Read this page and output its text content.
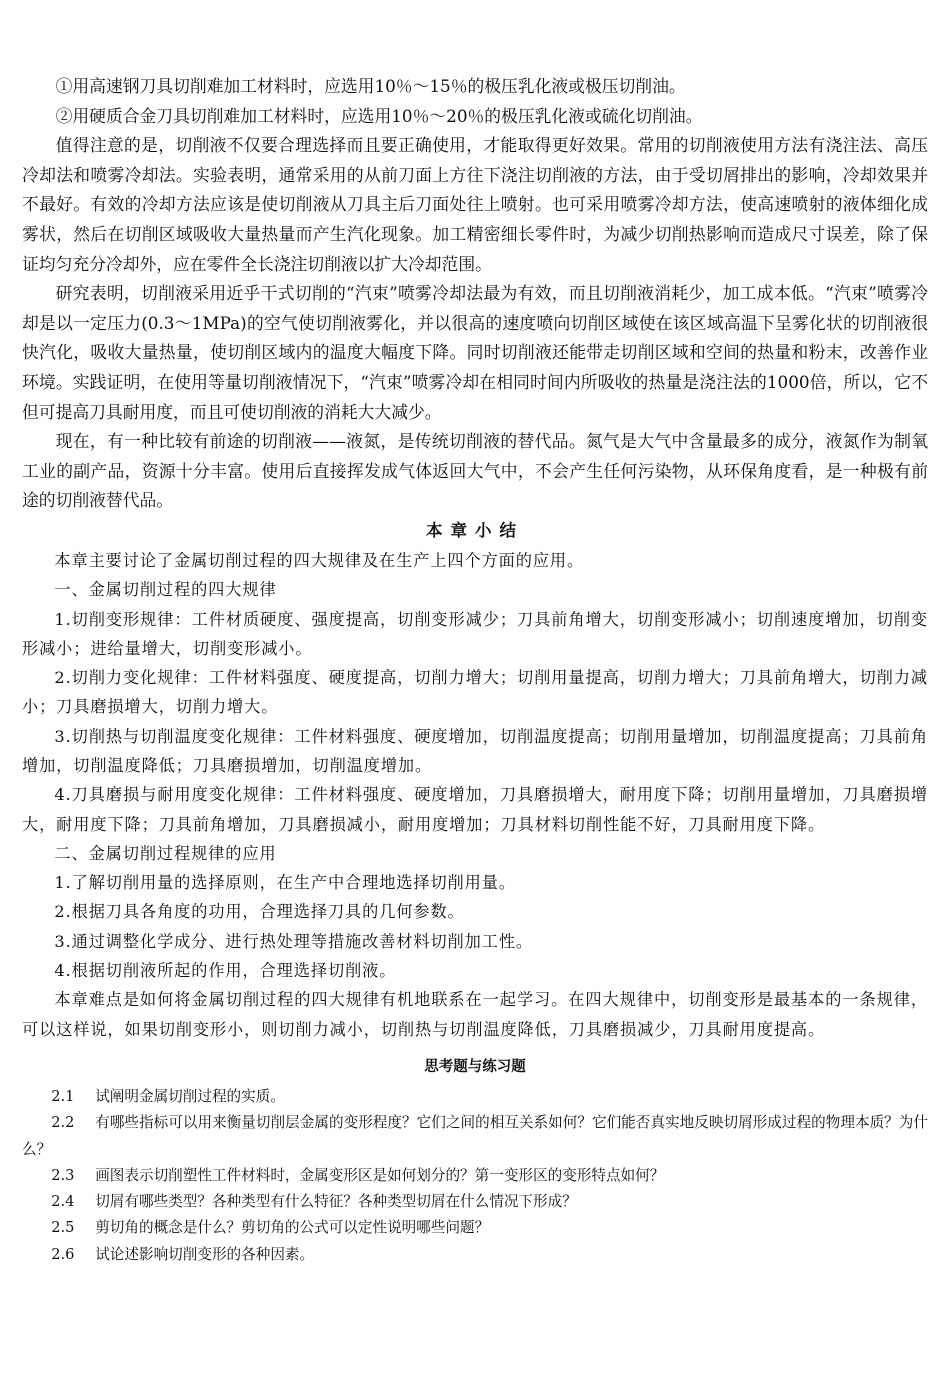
①用高速钢刀具切削难加工材料时，应选用10％～15％的极压乳化液或极压切削油。

②用硬质合金刀具切削难加工材料时，应选用10％～20％的极压乳化液或硫化切削油。

值得注意的是，切削液不仅要合理选择而且要正确使用，才能取得更好效果。常用的切削液使用方法有浇注法、高压冷却法和喷雾冷却法。实验表明，通常采用的从前刀面上方往下浇注切削液的方法，由于受切屑排出的影响，冷却效果并不最好。有效的冷却方法应该是使切削液从刀具主后刀面处往上喷射。也可采用喷雾冷却方法，使高速喷射的液体细化成雾状，然后在切削区域吸收大量热量而产生汽化现象。加工精密细长零件时，为减少切削热影响而造成尺寸误差，除了保证均匀充分冷却外，应在零件全长浇注切削液以扩大冷却范围。

研究表明，切削液采用近乎干式切削的“汽束”喷雾冷却法最为有效，而且切削液消耗少，加工成本低。“汽束”喷雾冷却是以一定压力(0.3～1MPa)的空气使切削液雾化，并以很高的速度喷向切削区域使在该区域高温下呈雾化状的切削液很快汽化，吸收大量热量，使切削区域内的温度大幅度下降。同时切削液还能带走切削区域和空间的热量和粉末，改善作业环境。实践证明，在使用等量切削液情况下，“汽束”喷雾冷却在相同时间内所吸收的热量是浇注法的1000倍，所以，它不但可提高刀具耐用度，而且可使切削液的消耗大大减少。

现在，有一种比较有前途的切削液——液氮，是传统切削液的替代品。氮气是大气中含量最多的成分，液氮作为制氧工业的副产品，资源十分丰富。使用后直接挥发成气体返回大气中，不会产生任何污染物，从环保角度看，是一种极有前途的切削液替代品。

本章小结

本章主要讨论了金属切削过程的四大规律及在生产上四个方面的应用。

一、金属切削过程的四大规律

1.切削变形规律：工件材质硬度、强度提高，切削变形减少；刀具前角增大，切削变形减小；切削速度增加，切削变形减小；进给量增大，切削变形减小。

2.切削力变化规律：工件材料强度、硬度提高，切削力增大；切削用量提高，切削力增大；刀具前角增大，切削力减小；刀具磨损增大，切削力增大。

3.切削热与切削温度变化规律：工件材料强度、硬度增加，切削温度提高；切削用量增加，切削温度提高；刀具前角增加，切削温度降低；刀具磨损增加，切削温度增加。

4.刀具磨损与耐用度变化规律：工件材料强度、硬度增加，刀具磨损增大，耐用度下降；切削用量增加，刀具磨损增大，耐用度下降；刀具前角增加，刀具磨损减小，耐用度增加；刀具材料切削性能不好，刀具耐用度下降。

二、金属切削过程规律的应用

1.了解切削用量的选择原则，在生产中合理地选择切削用量。

2.根据刀具各角度的功用，合理选择刀具的几何参数。

3.通过调整化学成分、进行热处理等措施改善材料切削加工性。

4.根据切削液所起的作用，合理选择切削液。

本章难点是如何将金属切削过程的四大规律有机地联系在一起学习。在四大规律中，切削变形是最基本的一条规律，可以这样说，如果切削变形小，则切削力减小，切削热与切削温度降低，刀具磨损减少，刀具耐用度提高。

思考题与练习题

2.1 试阐明金属切削过程的实质。

2.2 有哪些指标可以用来衡量切削层金属的变形程度？它们之间的相互关系如何？它们能否真实地反映切屑形成过程的物理本质？为什么？

2.3 画图表示切削塑性工件材料时，金属变形区是如何划分的？第一变形区的变形特点如何？

2.4 切屑有哪些类型？各种类型有什么特征？各种类型切屑在什么情况下形成？

2.5 剪切角的概念是什么？剪切角的公式可以定性说明哪些问题？

2.6 试论述影响切削变形的各种因素。
